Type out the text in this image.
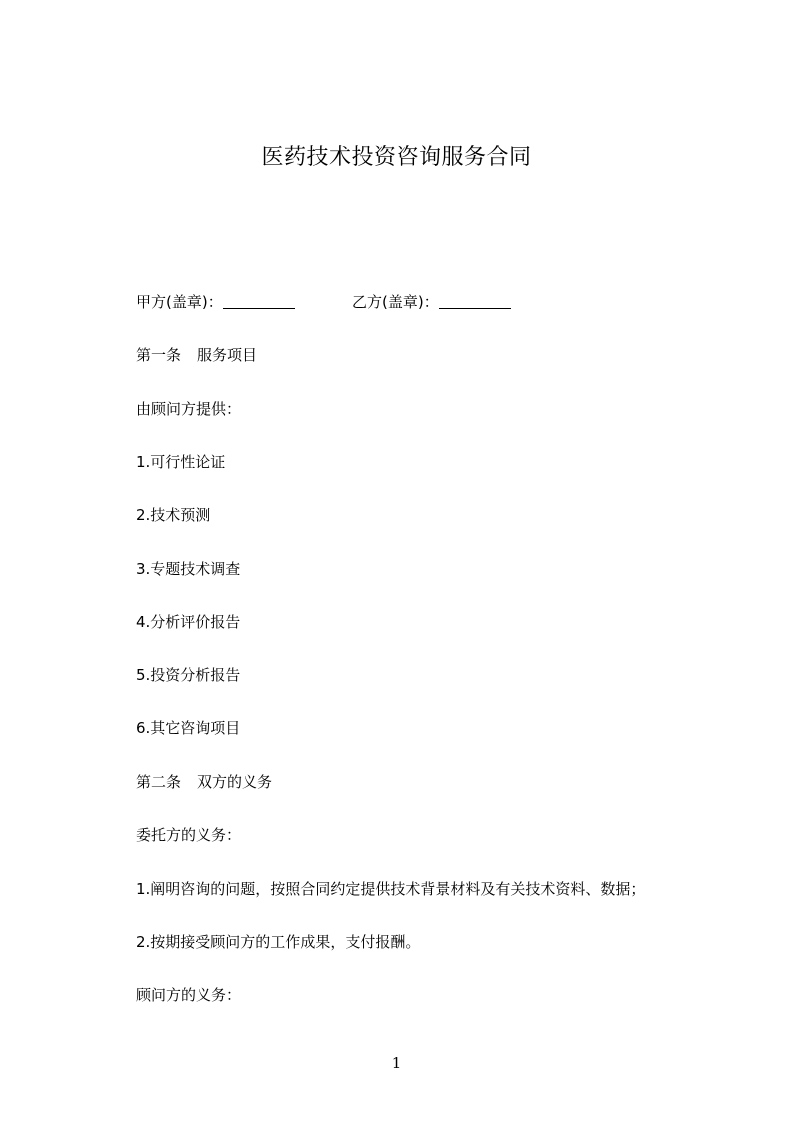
医药技术投资咨询服务合同
甲方(盖章)：	乙方(盖章)：
第一条 服务项目
由顾问方提供：
1.可行性论证
2.技术预测
3.专题技术调查
4.分析评价报告
5.投资分析报告
6.其它咨询项目
第二条 双方的义务
委托方的义务：
1.阐明咨询的问题，按照合同约定提供技术背景材料及有关技术资料、数据；
2.按期接受顾问方的工作成果，支付报酬。
顾问方的义务：
1
